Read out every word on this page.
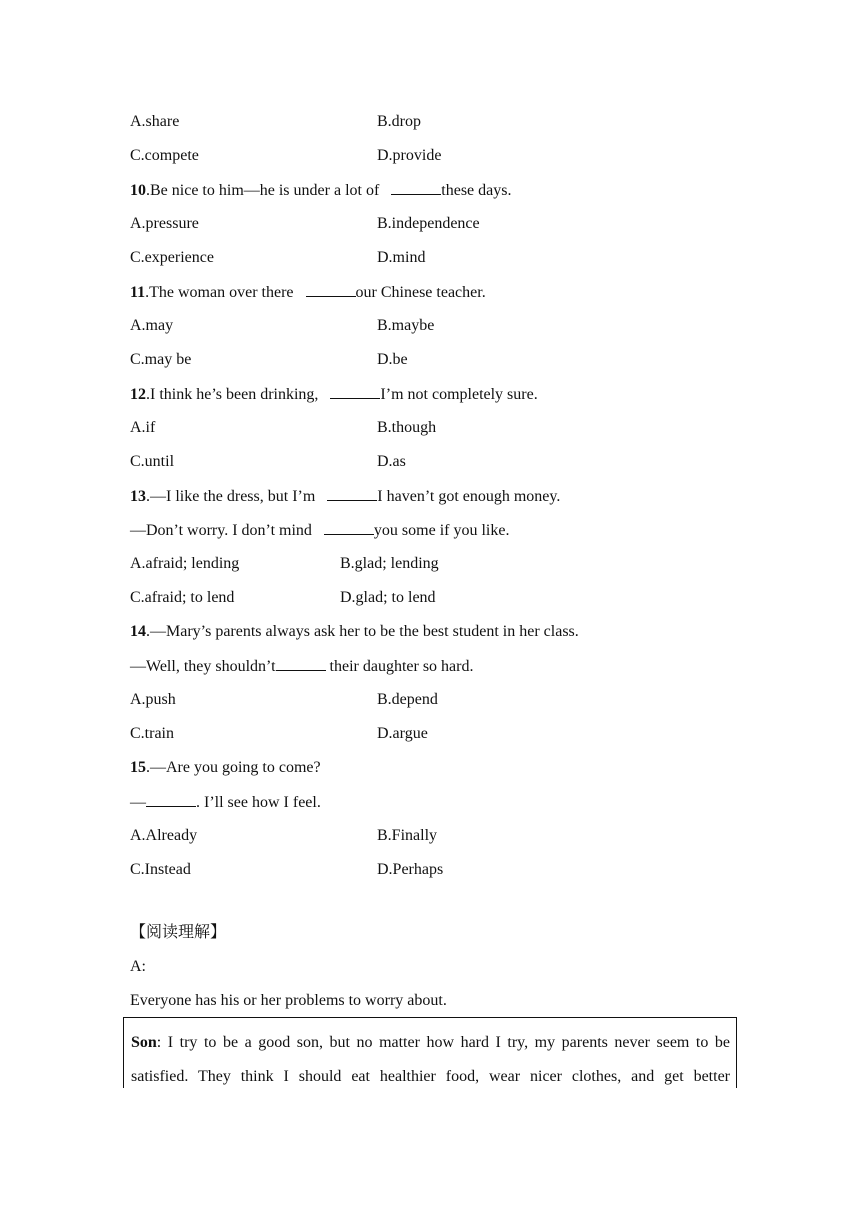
A.share	B.drop
C.compete	D.provide
10.Be nice to him—he is under a lot of	these days.
A.pressure	B.independence
C.experience	D.mind
11.The woman over there	our Chinese teacher.
A.may	B.maybe
C.may be	D.be
12.I think he’s been drinking,	I’m not completely sure.
A.if	B.though
C.until	D.as
13.—I like the dress, but I’m	I haven’t got enough money.
—Don’t worry. I don’t mind	you some if you like.
A.afraid; lending	B.glad; lending
C.afraid; to lend	D.glad; to lend
14.—Mary’s parents always ask her to be the best student in her class.
—Well, they shouldn’t	their daughter so hard.
A.push	B.depend
C.train	D.argue
15.—Are you going to come?
—	. I’ll see how I feel.
A.Already	B.Finally
C.Instead	D.Perhaps
【阅读理解】
A:
Everyone has his or her problems to worry about.
Son: I try to be a good son, but no matter how hard I try, my parents never seem to be
satisfied. They think I should eat healthier food, wear nicer clothes, and get better
